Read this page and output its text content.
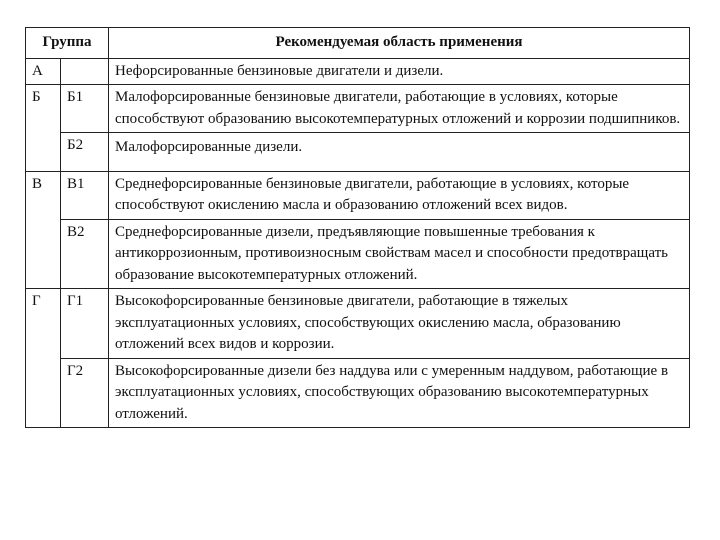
Группа		Рекомендуемая область применения
А		Нефорсированные бензиновые двигатели и дизели.
Б	Б1	Малофорсированные бензиновые двигатели, работающие в условиях, которые способствуют образованию высокотемпературных отложений и коррозии подшипников.
	Б2	Малофорсированные дизели.
В	В1	Среднефорсированные бензиновые двигатели, работающие в условиях, которые способствуют окислению масла и образованию отложений всех видов.
	В2	Среднефорсированные дизели, предъявляющие повышенные требования к антикоррозионным, противоизносным свойствам масел и способности предотвращать образование высокотемпературных отложений.
Г	Г1	Высокофорсированные бензиновые двигатели, работающие в тяжелых эксплуатационных условиях, способствующих окислению масла, образованию отложений всех видов и коррозии.
	Г2	Высокофорсированные дизели без наддува или с умеренным наддувом, работающие в эксплуатационных условиях, способствующих образованию высокотемпературных отложений.
